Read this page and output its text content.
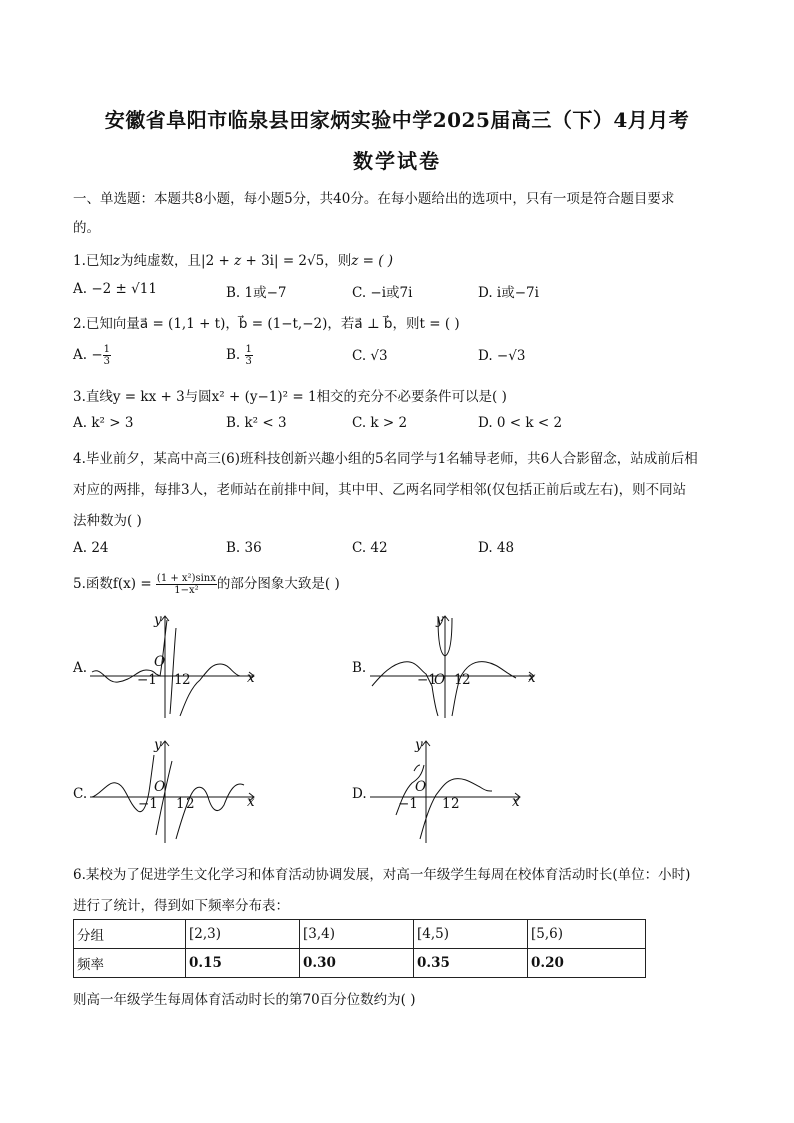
安徽省阜阳市临泉县田家炳实验中学2025届高三（下）4月月考
数学试卷
一、单选题：本题共8小题，每小题5分，共40分。在每小题给出的选项中，只有一项是符合题目要求
的。
1.已知z为纯虚数，且|2 + z + 3i| = 2√5，则z = ( )
A. −2 ± √11	B. 1或−7	C. −i或7i	D. i或−7i
2.已知向量a⃗ = (1,1 + t)，b⃗ = (1−t,−2)，若a⃗ ⊥ b⃗，则t = ( )
A. − $\frac{1}{3}$	B. $\frac{1}{3}$	C. √3	D. −√3
3.直线y = kx + 3与圆x² + (y−1)² = 1相交的充分不必要条件可以是( )
A. k² > 3	B. k² < 3	C. k > 2	D. 0 < k < 2
4.毕业前夕，某高中高三(6)班科技创新兴趣小组的5名同学与1名辅导老师，共6人合影留念，站成前后相
对应的两排，每排3人，老师站在前排中间，其中甲、乙两名同学相邻(仅包括正前后或左右)，则不同站
法种数为( )
A. 24	B. 36	C. 42	D. 48
5.函数$f(x) = \frac{\text{(1 + x²)sinx}}{\text{1−x²}}$ 的部分图象大致是( )
A.
y
x
O
−1 1 2
B.
y
x
O
−1 1 2
C.
y
x
O
−1 1 2
D.
y
x
O
−1 1 2
6.某校为了促进学生文化学习和体育活动协调发展，对高一年级学生每周在校体育活动时长(单位：小时)
进行了统计，得到如下频率分布表：
分组	[2,3)	[3,4)	[4,5)	[5,6)
频率	0.15	0.30	0.35	0.20
则高一年级学生每周体育活动时长的第70百分位数约为( )
